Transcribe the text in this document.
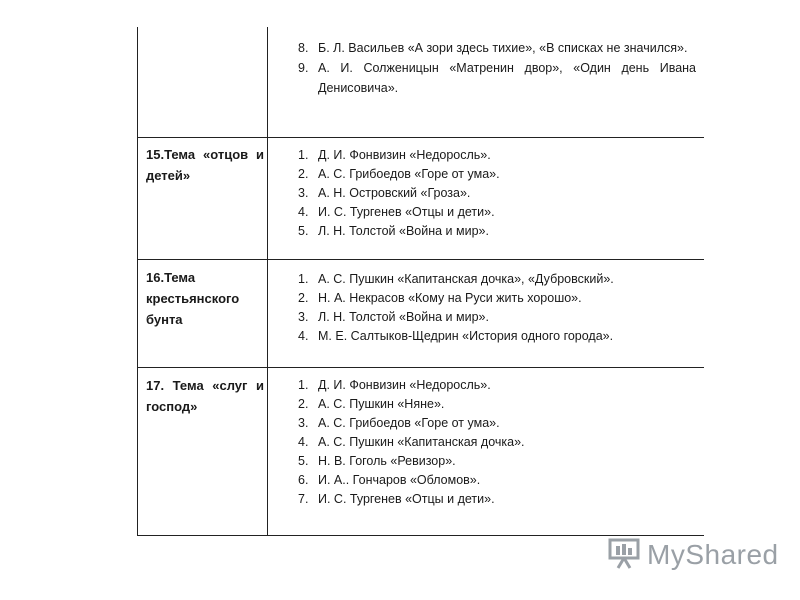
8. Б. Л. Васильев «А зори здесь тихие», «В списках не значился».
9. А. И. Солженицын «Матренин двор», «Один день Ивана Денисовича».
15.Тема «отцов и детей»
1. Д. И. Фонвизин «Недоросль».
2. А. С. Грибоедов «Горе от ума».
3. А. Н. Островский «Гроза».
4. И. С. Тургенев «Отцы и дети».
5. Л. Н. Толстой «Война и мир».
16.Тема крестьянского бунта
1. А. С. Пушкин «Капитанская дочка», «Дубровский».
2. Н. А. Некрасов «Кому на Руси жить хорошо».
3. Л. Н. Толстой «Война и мир».
4. М. Е. Салтыков-Щедрин «История одного города».
17. Тема «слуг и господ»
1. Д. И. Фонвизин «Недоросль».
2. А. С. Пушкин «Няне».
3. А. С. Грибоедов «Горе от ума».
4. А. С. Пушкин «Капитанская дочка».
5. Н. В. Гоголь «Ревизор».
6. И. А.. Гончаров «Обломов».
7. И. С. Тургенев «Отцы и дети».
MyShared
